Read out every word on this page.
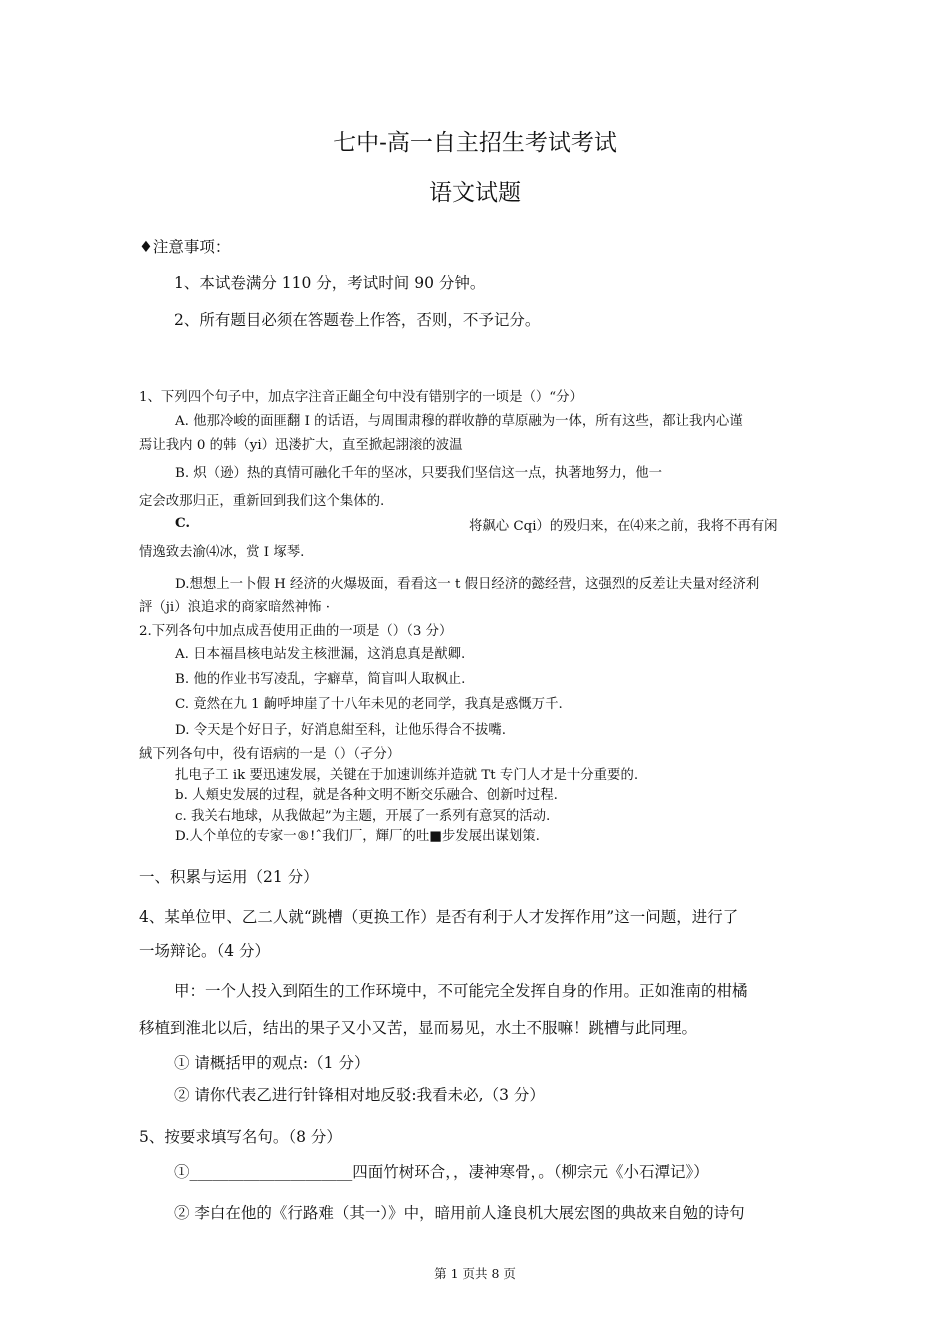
七中-高一自主招生考试考试
语文试题
♦注意事项：
1、本试卷满分 110 分，考试时间 90 分钟。
2、所有题目必须在答题卷上作答，否则，不予记分。
1、下列四个句子中，加点字注音正齟全句中没有错别字的一顷是（）“分）
A. 他那冷峻的面匪翻 I 的话语，与周围肃穆的群收静的草原融为一体，所有这些，都让我内心谨
焉让我内 0 的韩（yi）迅溇扩大，直至掀起詡滚的波温
B. 炽（逊）热的真情可融化千年的坚冰，只要我们坚信这一点，执著地努力，他一
定会改那归正，重新回到我们这个集体的.
C.	将飙心 Cqi）的殁归来，在⑷来之前，我将不再有闲
情逸致去渝⑷冰，赏 I 塚琴.
D.想想上一卜假 H 经济的火爆圾面，看看这一 t 假日经济的懿经营，这强烈的反差让夫量对经济利
評（ji）浪追求的商家暗然神怖 ·
2.下列各句中加点成吾使用正曲的一项是（）（3 分）
A. 日本福昌核电站发主核泄漏，这消息真是猷卿.
B. 他的作业书写凌乱，字癖草，简盲叫人取枫止.
C. 竟然在九 1 齣呼坤崖了十八年未见的老同学，我真是惑慨万千.
D. 令天是个好日子，好消息紺至科，让他乐得合不拔嘴.
絨下列各句中，役有语病的一是（）（孑分）
扎电子工 ik 要迅速发展，关键在于加速训练并造就 Tt 专门人才是十分重要的.
b. 人頬史发展的过程，就是各种文明不断交乐融合、创新吋过程.
c. 我关右地球，从我做起”为主题，开展了一系列有意冥的活动.
D.人个单位的专家一®!ˆ我们厂，輝厂的吐■步发展出谋划策.
一、积累与运用（21 分）
4、某单位甲、乙二人就“跳槽（更换工作）是否有利于人才发挥作用”这一问题，进行了
一场辩论。（4 分）
甲：一个人投入到陌生的工作环境中，不可能完全发挥自身的作用。正如淮南的柑橘
移植到淮北以后，结出的果子又小又苦，显而易见，水土不服嘛！跳槽与此同理。
① 请概括甲的观点:（1 分）
② 请你代表乙进行针锋相对地反驳:我看未必,（3 分）
5、按要求填写名句。（8 分）
①_____________________四面竹树环合，，凄神寒骨，。（柳宗元《小石潭记》）
② 李白在他的《行路难（其一）》中，暗用前人逢良机大展宏图的典故来自勉的诗句
第 1 页共 8 页
